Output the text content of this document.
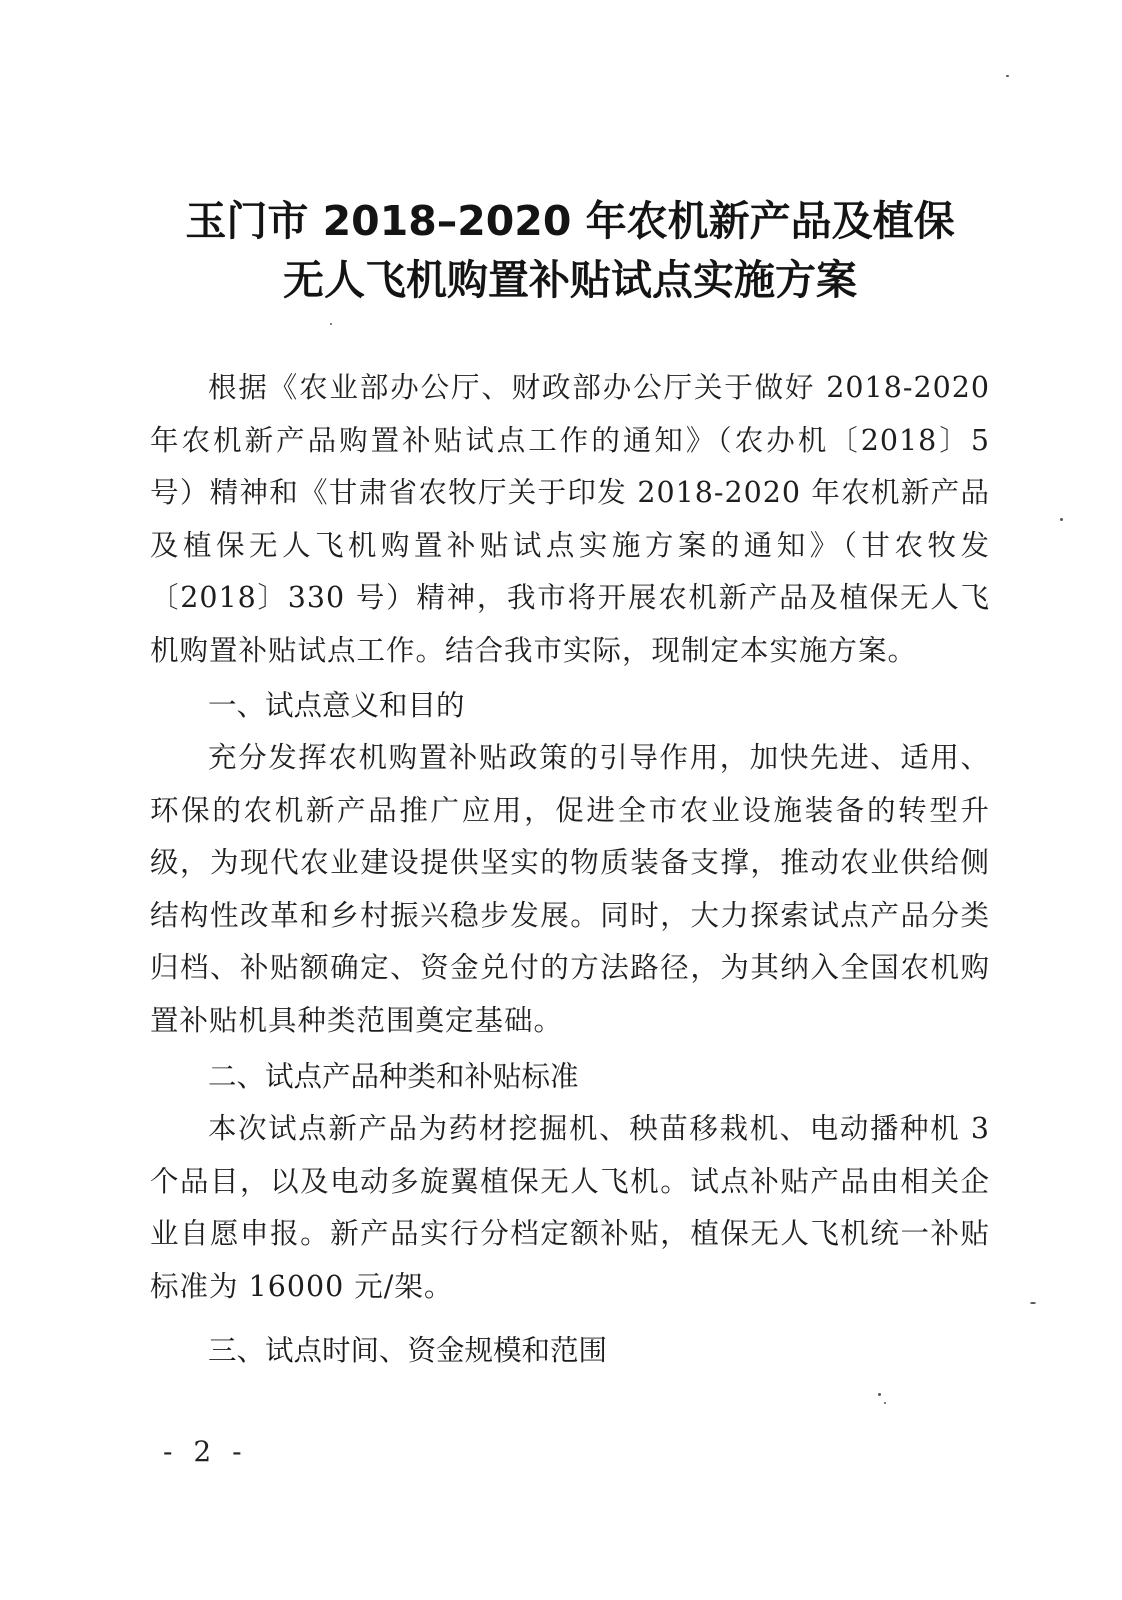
玉门市 2018–2020 年农机新产品及植保
无人飞机购置补贴试点实施方案

根据《农业部办公厅、财政部办公厅关于做好 2018-2020 年农机新产品购置补贴试点工作的通知》（农办机〔2018〕5 号）精神和《甘肃省农牧厅关于印发 2018-2020 年农机新产品及植保无人飞机购置补贴试点实施方案的通知》（甘农牧发〔2018〕330 号）精神，我市将开展农机新产品及植保无人飞机购置补贴试点工作。结合我市实际，现制定本实施方案。

一、试点意义和目的

充分发挥农机购置补贴政策的引导作用，加快先进、适用、环保的农机新产品推广应用，促进全市农业设施装备的转型升级，为现代农业建设提供坚实的物质装备支撑，推动农业供给侧结构性改革和乡村振兴稳步发展。同时，大力探索试点产品分类归档、补贴额确定、资金兑付的方法路径，为其纳入全国农机购置补贴机具种类范围奠定基础。

二、试点产品种类和补贴标准

本次试点新产品为药材挖掘机、秧苗移栽机、电动播种机 3 个品目，以及电动多旋翼植保无人飞机。试点补贴产品由相关企业自愿申报。新产品实行分档定额补贴，植保无人飞机统一补贴标准为 16000 元/架。

三、试点时间、资金规模和范围
- 2 -
